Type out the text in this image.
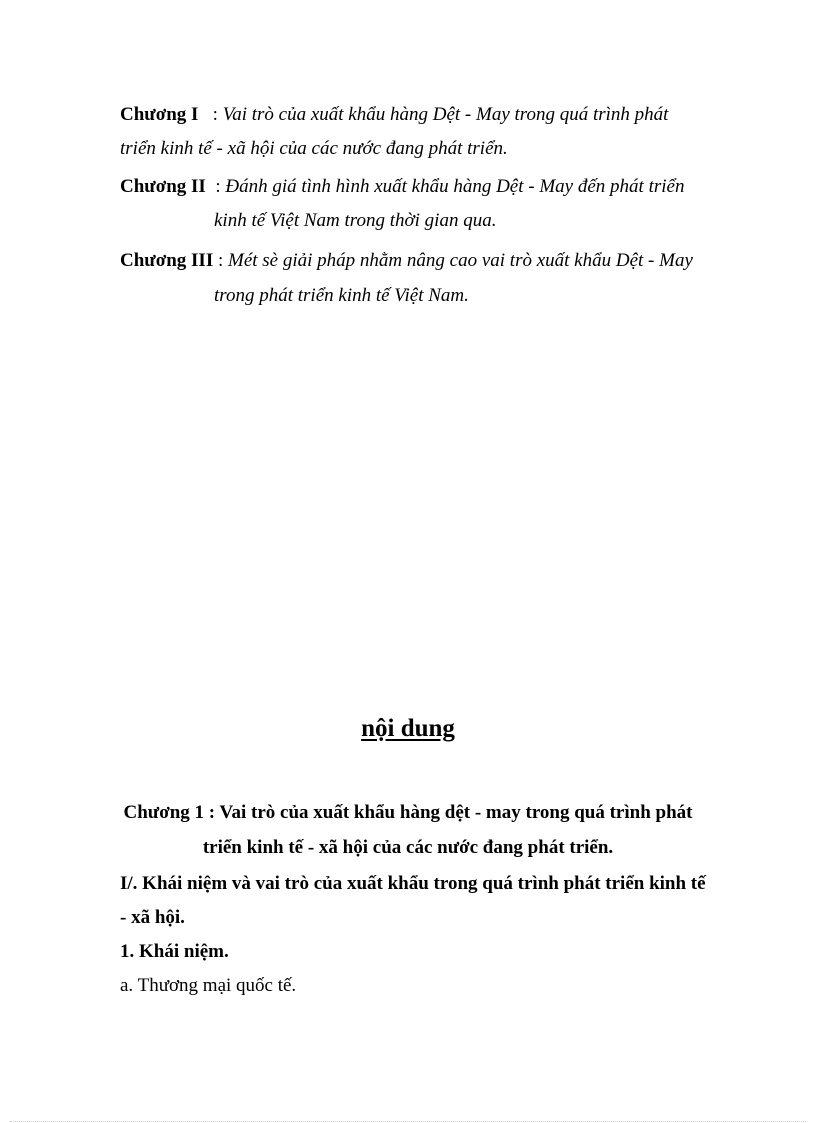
Chương I : Vai trò của xuất khẩu hàng Dệt - May trong quá trình phát
triển kinh tế - xã hội của các nước đang phát triển.
Chương II : Đánh giá tình hình xuất khẩu hàng Dệt - May đến phát triển
kinh tế Việt Nam trong thời gian qua.
Chương III : Mét sè giải pháp nhằm nâng cao vai trò xuất khẩu Dệt - May
trong phát triển kinh tế Việt Nam.
nội dung
Chương 1 : Vai trò của xuất khẩu hàng dệt - may trong quá trình phát
triển kinh tế - xã hội của các nước đang phát triển.
I/. Khái niệm và vai trò của xuất khẩu trong quá trình phát triển kinh tế
- xã hội.
1. Khái niệm.
a. Thương mại quốc tế.
